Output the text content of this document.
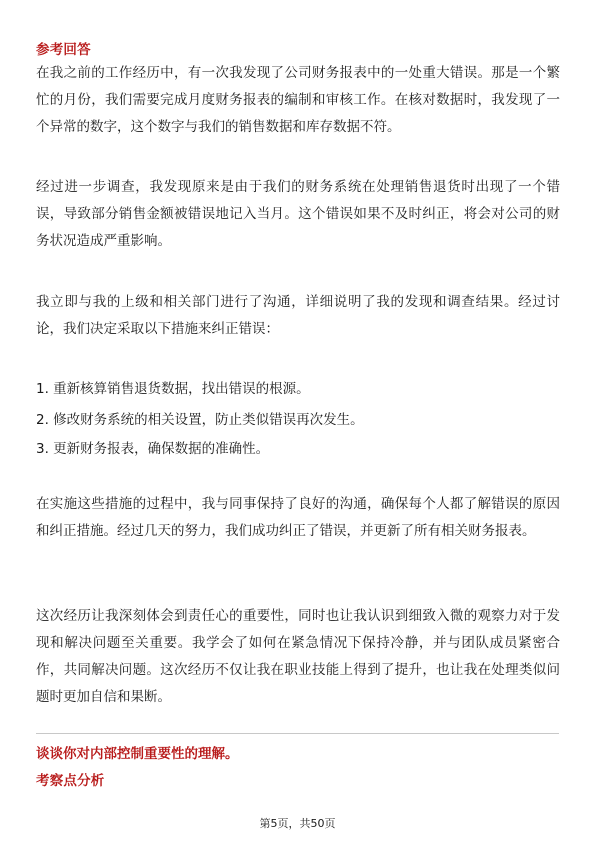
参考回答

在我之前的工作经历中，有一次我发现了公司财务报表中的一处重大错误。那是一个繁忙的月份，我们需要完成月度财务报表的编制和审核工作。在核对数据时，我发现了一个异常的数字，这个数字与我们的销售数据和库存数据不符。

经过进一步调查，我发现原来是由于我们的财务系统在处理销售退货时出现了一个错误，导致部分销售金额被错误地记入当月。这个错误如果不及时纠正，将会对公司的财务状况造成严重影响。

我立即与我的上级和相关部门进行了沟通，详细说明了我的发现和调查结果。经过讨论，我们决定采取以下措施来纠正错误：

1. 重新核算销售退货数据，找出错误的根源。
2. 修改财务系统的相关设置，防止类似错误再次发生。
3. 更新财务报表，确保数据的准确性。

在实施这些措施的过程中，我与同事保持了良好的沟通，确保每个人都了解错误的原因和纠正措施。经过几天的努力，我们成功纠正了错误，并更新了所有相关财务报表。

这次经历让我深刻体会到责任心的重要性，同时也让我认识到细致入微的观察力对于发现和解决问题至关重要。我学会了如何在紧急情况下保持冷静，并与团队成员紧密合作，共同解决问题。这次经历不仅让我在职业技能上得到了提升，也让我在处理类似问题时更加自信和果断。

谈谈你对内部控制重要性的理解。
考察点分析
第5页，共50页
